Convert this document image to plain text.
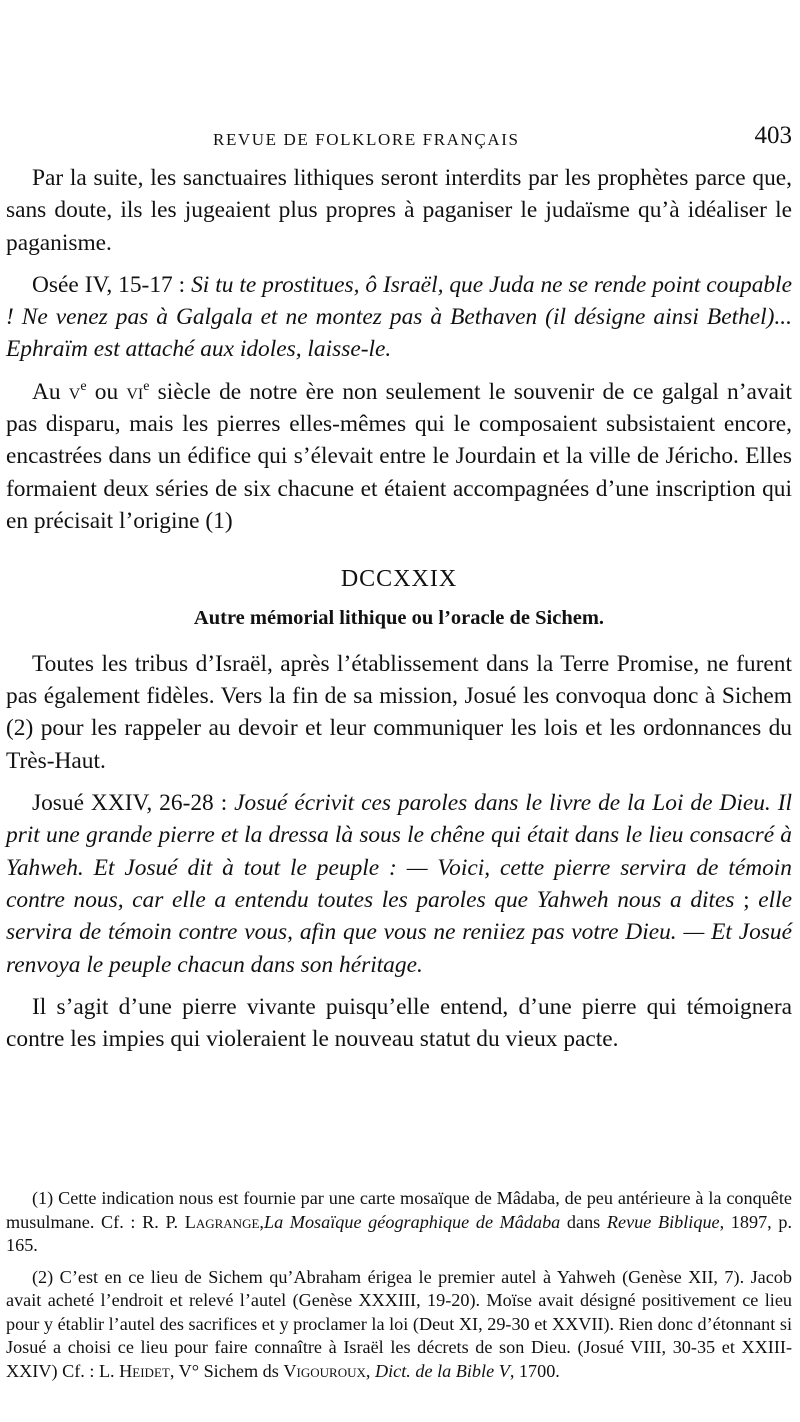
REVUE DE FOLKLORE FRANÇAIS	403

Par la suite, les sanctuaires lithiques seront interdits par les prophètes parce que, sans doute, ils les jugeaient plus propres à paganiser le judaïsme qu’à idéaliser le paganisme.

Osée IV, 15-17 : Si tu te prostitues, ô Israël, que Juda ne se rende point coupable ! Ne venez pas à Galgala et ne montez pas à Bethaven (il désigne ainsi Bethel)... Ephraïm est attaché aux idoles, laisse-le.

Au $v^e$ ou $vi^e$ siècle de notre ère non seulement le souvenir de ce galgal n’avait pas disparu, mais les pierres elles-mêmes qui le composaient subsistaient encore, encastrées dans un édifice qui s’élevait entre le Jourdain et la ville de Jéricho. Elles formaient deux séries de six chacune et étaient accompagnées d’une inscription qui en précisait l’origine (1)

DCCXXIX
Autre mémorial lithique ou l’oracle de Sichem.

Toutes les tribus d’Israël, après l’établissement dans la Terre Promise, ne furent pas également fidèles. Vers la fin de sa mission, Josué les convoqua donc à Sichem (2) pour les rappeler au devoir et leur communiquer les lois et les ordonnances du Très-Haut.

Josué XXIV, 26-28 : Josué écrivit ces paroles dans le livre de la Loi de Dieu. Il prit une grande pierre et la dressa là sous le chêne qui était dans le lieu consacré à Yahweh. Et Josué dit à tout le peuple : — Voici, cette pierre servira de témoin contre nous, car elle a entendu toutes les paroles que Yahweh nous a dites ; elle servira de témoin contre vous, afin que vous ne reniiez pas votre Dieu. — Et Josué renvoya le peuple chacun dans son héritage.

Il s’agit d’une pierre vivante puisqu’elle entend, d’une pierre qui témoignera contre les impies qui violeraient le nouveau statut du vieux pacte.

(1) Cette indication nous est fournie par une carte mosaïque de Mâdaba, de peu antérieure à la conquête musulmane. Cf. : R. P. Lagrange,La Mosaïque géographique de Mâdaba dans Revue Biblique, 1897, p. 165.

(2) C’est en ce lieu de Sichem qu’Abraham érigea le premier autel à Yahweh (Genèse XII, 7). Jacob avait acheté l’endroit et relevé l’autel (Genèse XXXIII, 19-20). Moïse avait désigné positivement ce lieu pour y établir l’autel des sacrifices et y proclamer la loi (Deut XI, 29-30 et XXVII). Rien donc d’étonnant si Josué a choisi ce lieu pour faire connaître à Israël les décrets de son Dieu. (Josué VIII, 30-35 et XXIII-XXIV) Cf. : L. Heidet, V° Sichem ds Vigouroux, Dict. de la Bible V, 1700.
